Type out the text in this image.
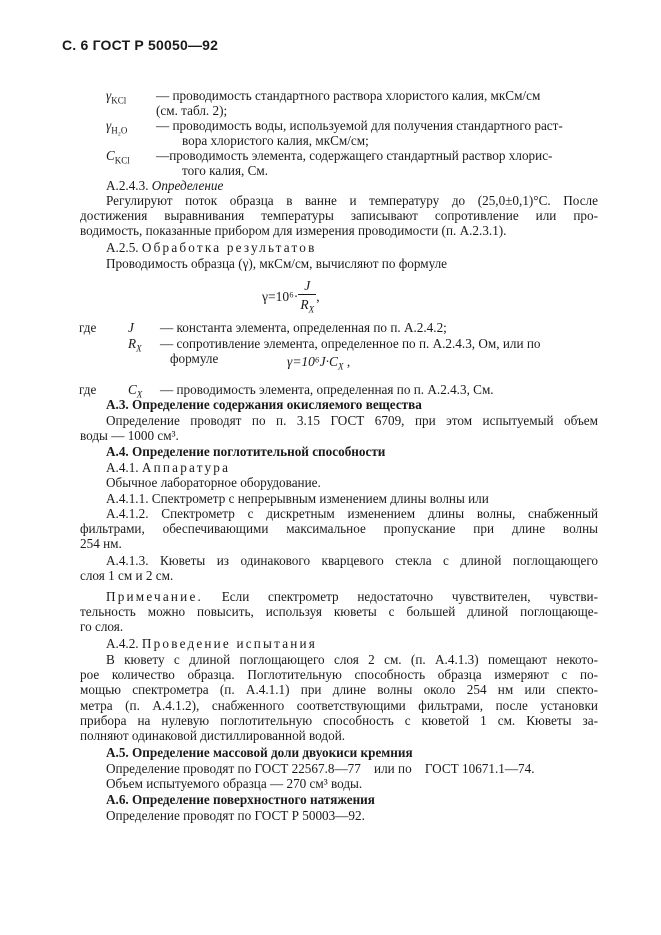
С. 6 ГОСТ Р 50050—92
$\gamma_{KCl}$ — проводимость стандартного раствора хлористого калия, мкСм/см
(см. табл. 2);
$\gamma_{H_2O}$ — проводимость воды, используемой для получения стандартного раст-
вора хлористого калия, мкСм/см;
$C_{KCl}$ —проводимость элемента, содержащего стандартный раствор хлорис-
того калия, См.
А.2.4.3. Определение
Регулируют поток образца в ванне и температуру до (25,0±0,1)°С. После
достижения выравнивания температуры записывают сопротивление или про-
водимость, показанные прибором для измерения проводимости (п. А.2.3.1).
А.2.5. Обработка результатов
Проводимость образца (γ), мкСм/см, вычисляют по формуле
$\gamma=10^6\cdot \frac{J}{R_X}$ ,
где J — константа элемента, определенная по п. А.2.4.2;
$R_X$ — сопротивление элемента, определенное по п. А.2.4.3, Ом, или по
формуле	$\gamma=10^6J\cdot C_X$ ,
где $C_X$ — проводимость элемента, определенная по п. А.2.4.3, См.
А.3. Определение содержания окисляемого вещества
Определение проводят по п. 3.15 ГОСТ 6709, при этом испытуемый объем
воды — 1000 см³.
А.4. Определение поглотительной способности
А.4.1. Аппаратура
Обычное лабораторное оборудование.
А.4.1.1. Спектрометр с непрерывным изменением длины волны или
А.4.1.2. Спектрометр с дискретным изменением длины волны, снабженный
фильтрами, обеспечивающими максимальное пропускание при длине волны
254 нм.
А.4.1.3. Кюветы из одинакового кварцевого стекла с длиной поглощающего
слоя 1 см и 2 см.
Примечание. Если спектрометр недостаточно чувствителен, чувстви-
тельность можно повысить, используя кюветы с большей длиной поглощающе-
го слоя.
А.4.2. Проведение испытания
В кювету с длиной поглощающего слоя 2 см. (п. А.4.1.3) помещают некото-
рое количество образца. Поглотительную способность образца измеряют с по-
мощью спектрометра (п. А.4.1.1) при длине волны около 254 нм или спекто-
метра (п. А.4.1.2), снабженного соответствующими фильтрами, после установки
прибора на нулевую поглотительную способность с кюветой 1 см. Кюветы за-
полняют одинаковой дистиллированной водой.
А.5. Определение массовой доли двуокиси кремния
Определение проводят по ГОСТ 22567.8—77    или по    ГОСТ 10671.1—74.
Объем испытуемого образца — 270 см³ воды.
А.6. Определение поверхностного натяжения
Определение проводят по ГОСТ Р 50003—92.
